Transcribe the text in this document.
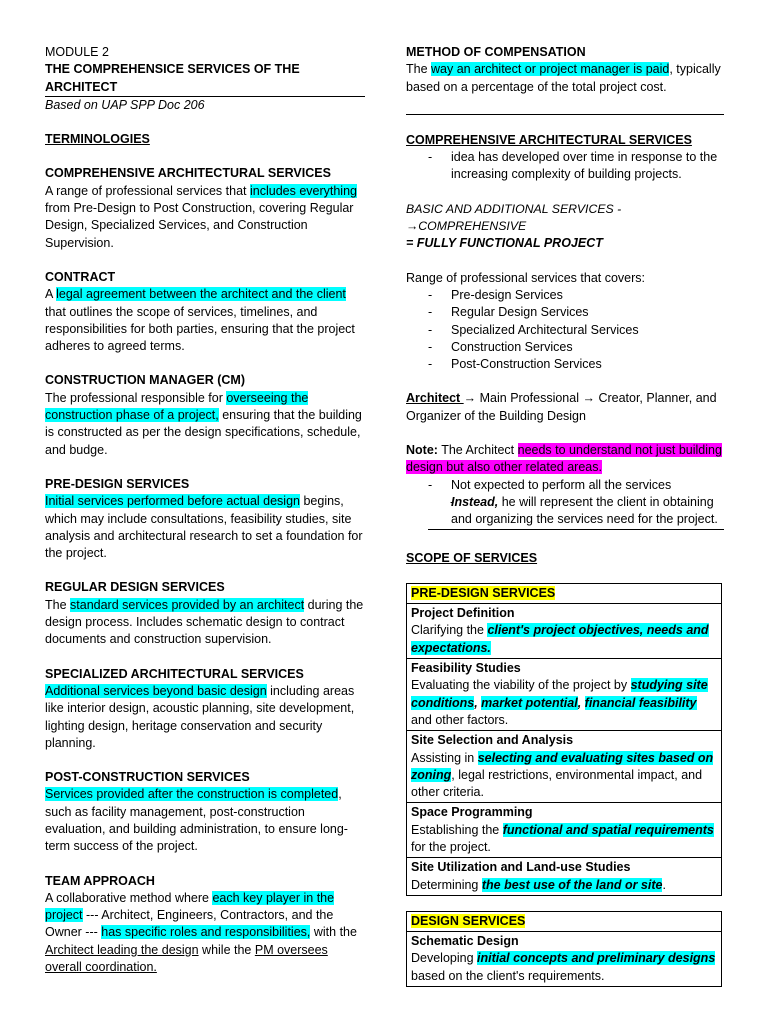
MODULE 2
THE COMPREHENSICE SERVICES OF THE ARCHITECT
Based on UAP SPP Doc 206
TERMINOLOGIES
COMPREHENSIVE ARCHITECTURAL SERVICES

A range of professional services that includes everything from Pre-Design to Post Construction, covering Regular Design, Specialized Services, and Construction Supervision.

CONTRACT

A legal agreement between the architect and the client that outlines the scope of services, timelines, and responsibilities for both parties, ensuring that the project adheres to agreed terms.

CONSTRUCTION MANAGER (CM)

The professional responsible for overseeing the construction phase of a project, ensuring that the building is constructed as per the design specifications, schedule, and budge.

PRE-DESIGN SERVICES

Initial services performed before actual design begins, which may include consultations, feasibility studies, site analysis and architectural research to set a foundation for the project.

REGULAR DESIGN SERVICES

The standard services provided by an architect during the design process. Includes schematic design to contract documents and construction supervision.

SPECIALIZED ARCHITECTURAL SERVICES

Additional services beyond basic design including areas like interior design, acoustic planning, site development, lighting design, heritage conservation and security planning.

POST-CONSTRUCTION SERVICES

Services provided after the construction is completed, such as facility management, post-construction evaluation, and building administration, to ensure long-term success of the project.

TEAM APPROACH

A collaborative method where each key player in the project --- Architect, Engineers, Contractors, and the Owner --- has specific roles and responsibilities, with the Architect leading the design while the PM oversees overall coordination.

METHOD OF COMPENSATION

The way an architect or project manager is paid, typically based on a percentage of the total project cost.

COMPREHENSIVE ARCHITECTURAL SERVICES
- idea has developed over time in response to the increasing complexity of building projects.
BASIC AND ADDITIONAL SERVICES - →COMPREHENSIVE
= FULLY FUNCTIONAL PROJECT
Range of professional services that covers:
- Pre-design Services
- Regular Design Services
- Specialized Architectural Services
- Construction Services
- Post-Construction Services

Architect → Main Professional → Creator, Planner, and Organizer of the Building Design

Note: The Architect needs to understand not just building design but also other related areas.

- Not expected to perform all the services
- Instead, he will represent the client in obtaining and organizing the services need for the project.
SCOPE OF SERVICES
PRE-DESIGN SERVICES

Project Definition
Clarifying the client's project objectives, needs and expectations.

Feasibility Studies
Evaluating the viability of the project by studying site conditions, market potential, financial feasibility and other factors.

Site Selection and Analysis
Assisting in selecting and evaluating sites based on zoning, legal restrictions, environmental impact, and other criteria.

Space Programming
Establishing the functional and spatial requirements for the project.

Site Utilization and Land-use Studies
Determining the best use of the land or site.
DESIGN SERVICES

Schematic Design
Developing initial concepts and preliminary designs based on the client's requirements.
